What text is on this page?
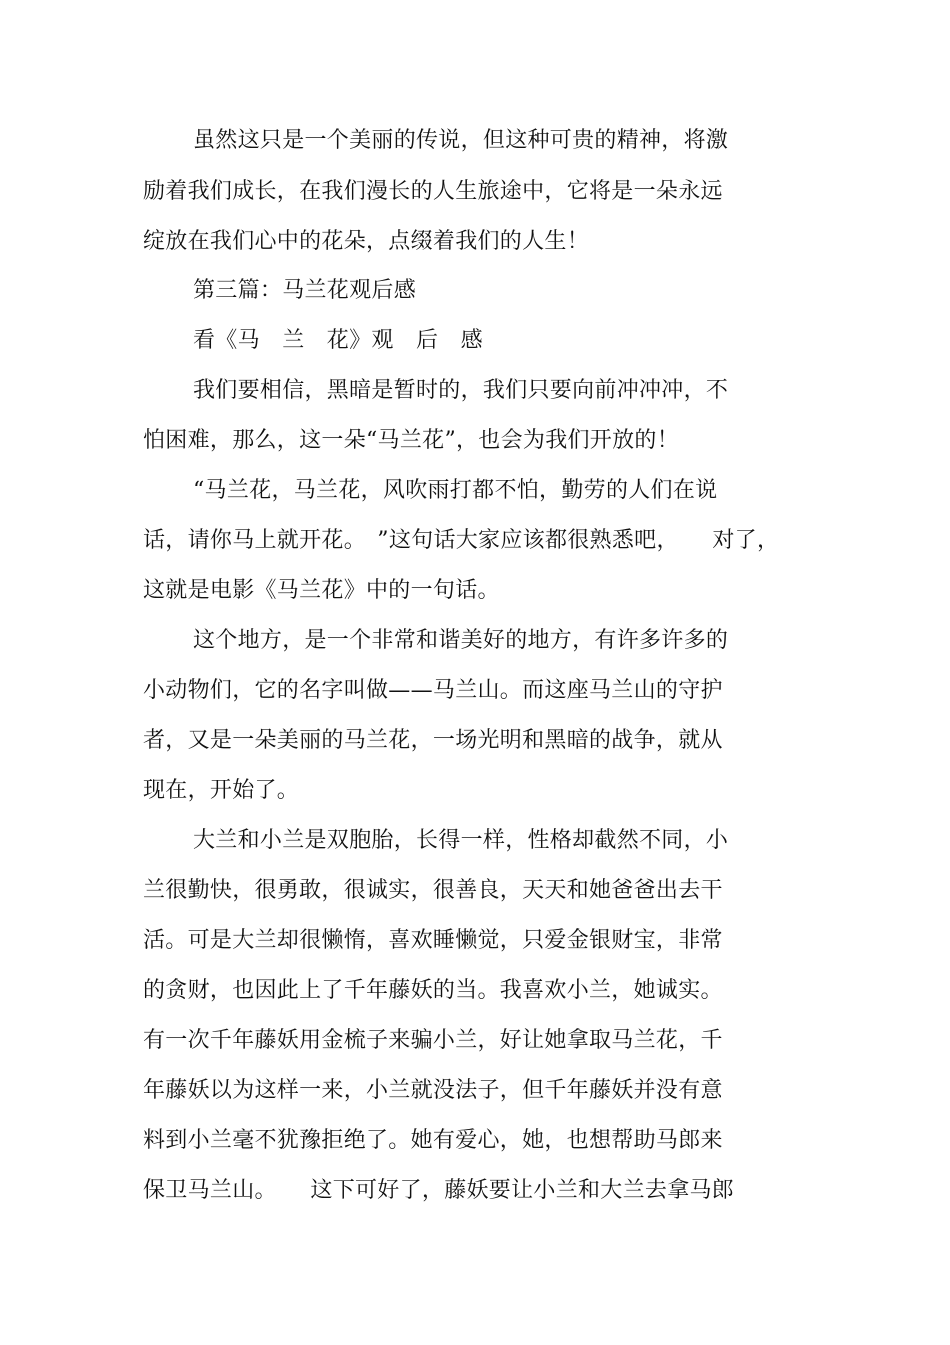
虽然这只是一个美丽的传说，但这种可贵的精神，将激
励着我们成长，在我们漫长的人生旅途中，它将是一朵永远
绽放在我们心中的花朵，点缀着我们的人生！
第三篇：马兰花观后感
看《马　兰　花》观　后　感
我们要相信，黑暗是暂时的，我们只要向前冲冲冲，不
怕困难，那么，这一朵“马兰花”，也会为我们开放的！
“马兰花，马兰花，风吹雨打都不怕，勤劳的人们在说
话，请你马上就开花。　”这句话大家应该都很熟悉吧，　　对了，
这就是电影《马兰花》中的一句话。
这个地方，是一个非常和谐美好的地方，有许多许多的
小动物们，它的名字叫做——马兰山。而这座马兰山的守护
者，又是一朵美丽的马兰花，一场光明和黑暗的战争，就从
现在，开始了。
大兰和小兰是双胞胎，长得一样，性格却截然不同，小
兰很勤快，很勇敢，很诚实，很善良，天天和她爸爸出去干
活。可是大兰却很懒惰，喜欢睡懒觉，只爱金银财宝，非常
的贪财，也因此上了千年藤妖的当。我喜欢小兰，她诚实。
有一次千年藤妖用金梳子来骗小兰，好让她拿取马兰花，千
年藤妖以为这样一来，小兰就没法子，但千年藤妖并没有意
料到小兰毫不犹豫拒绝了。她有爱心，她，也想帮助马郎来
保卫马兰山。　　这下可好了，藤妖要让小兰和大兰去拿马郎
